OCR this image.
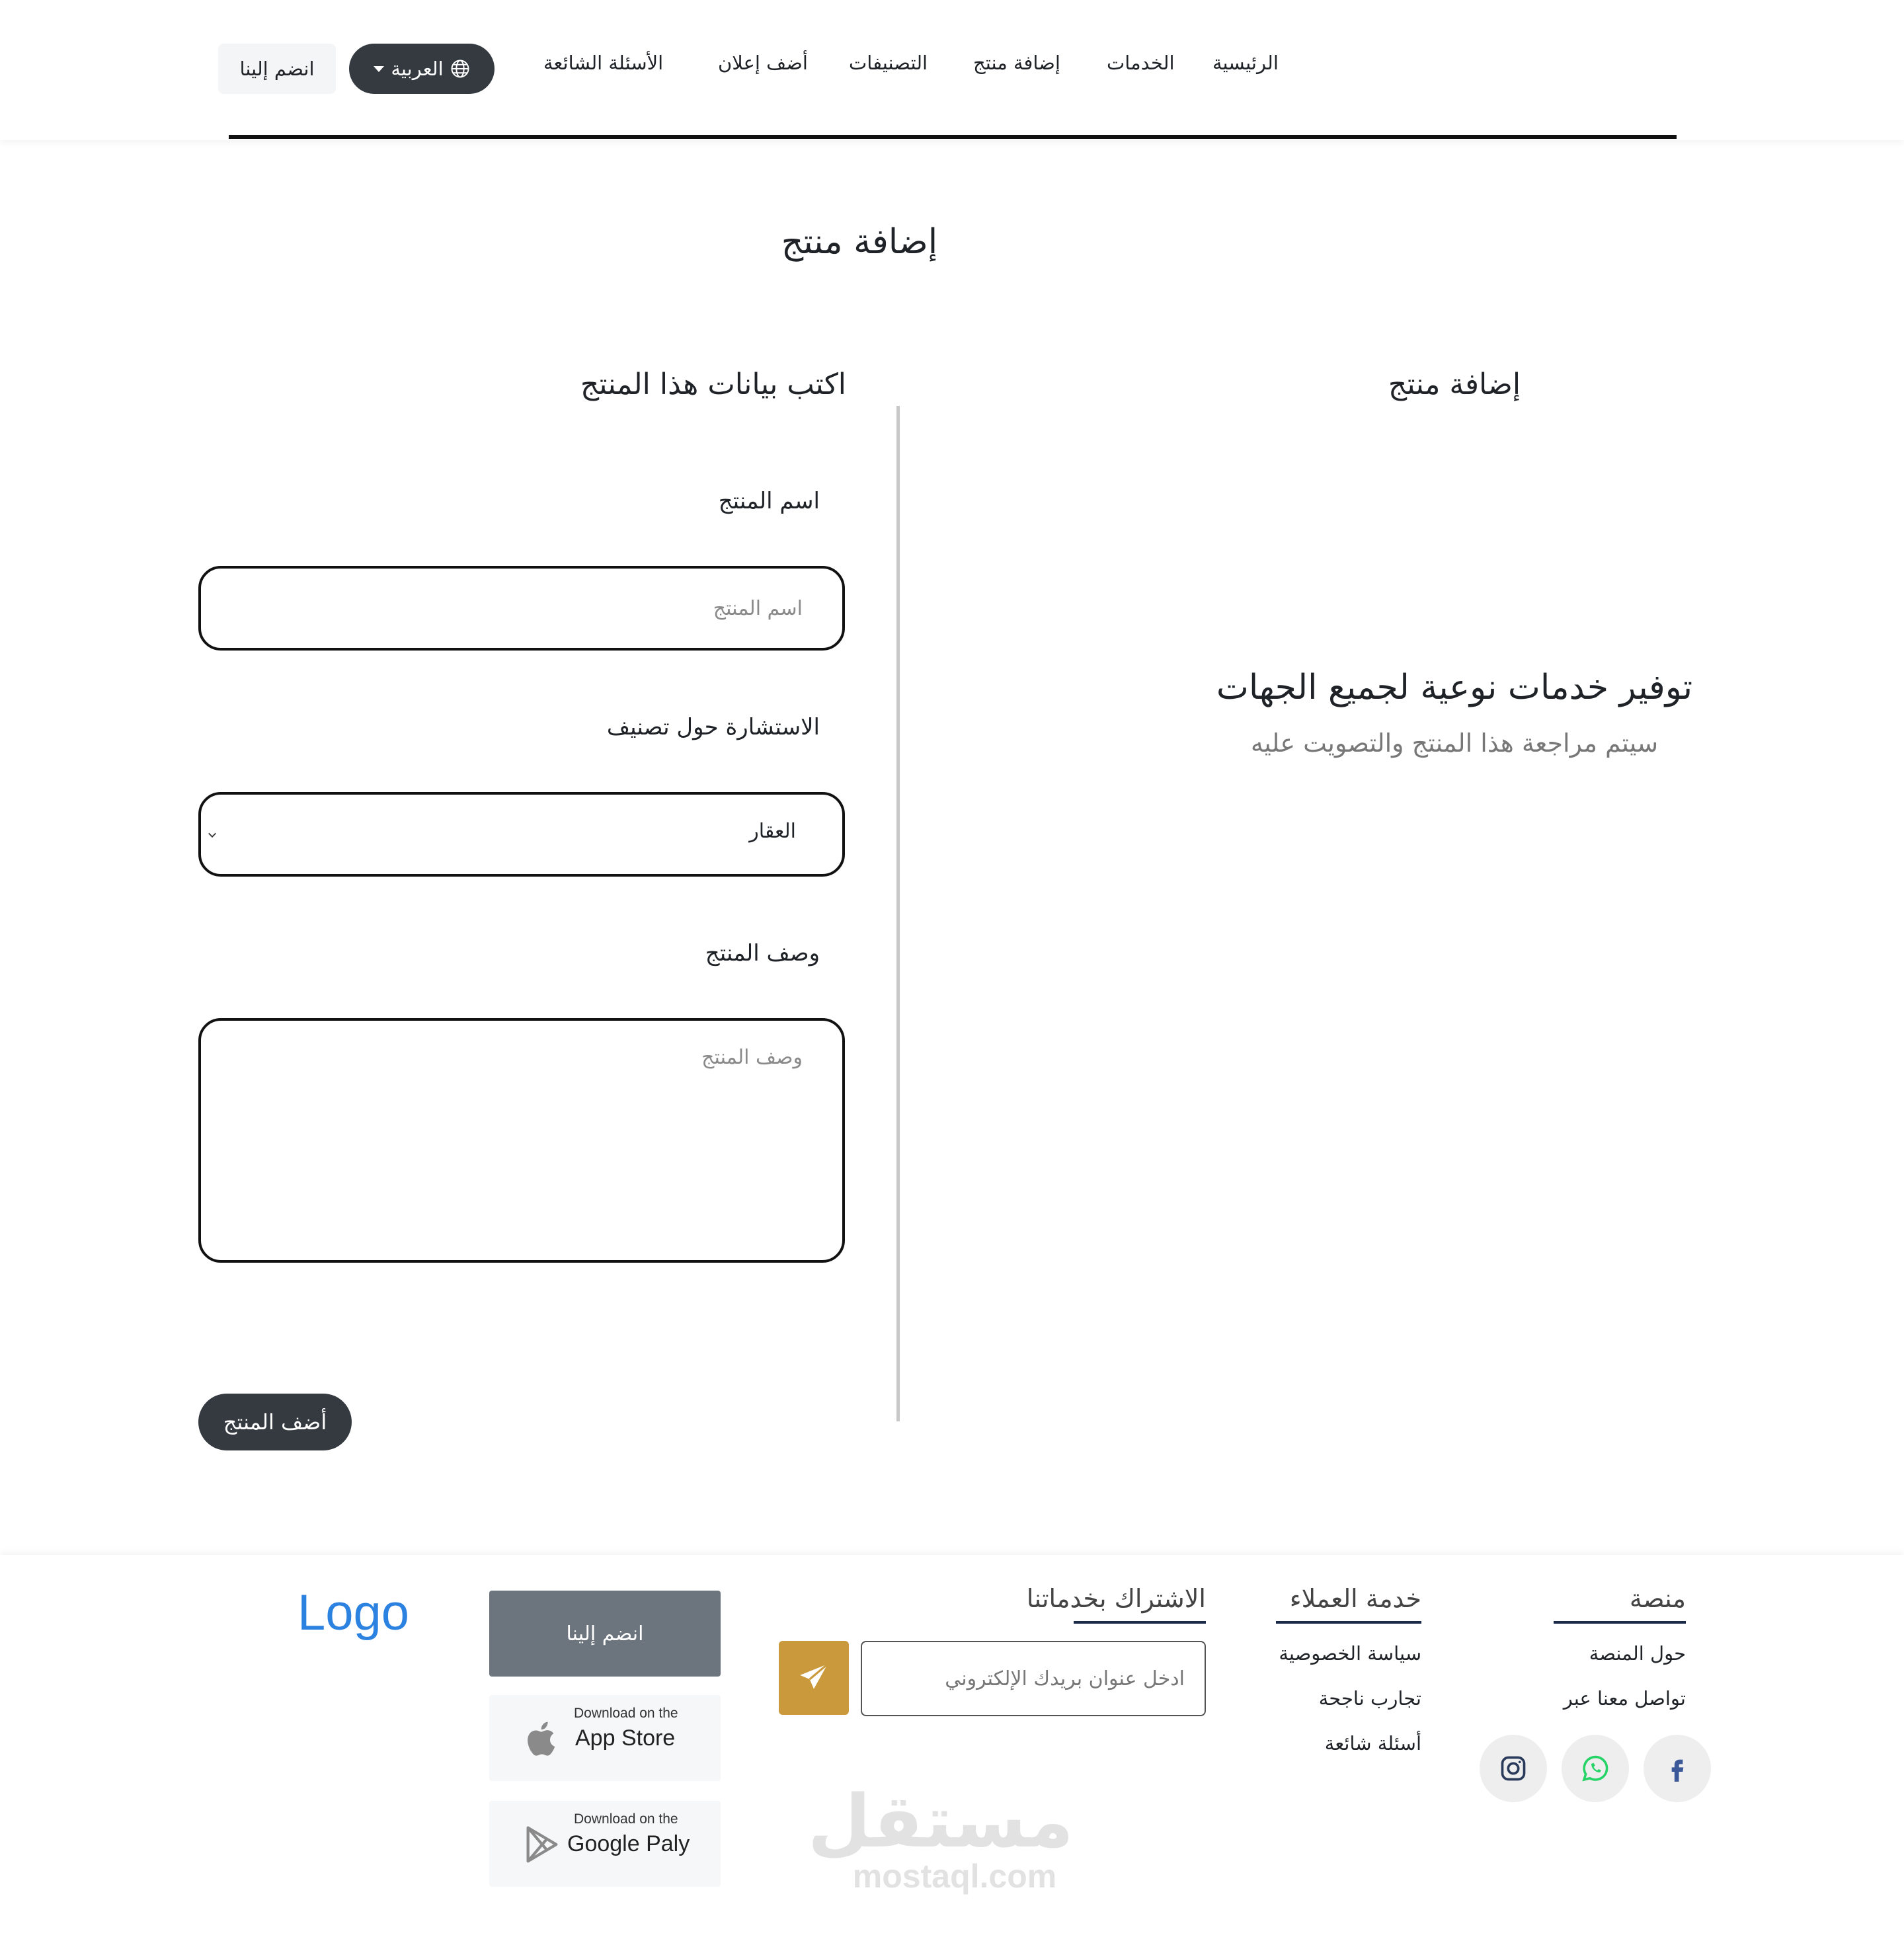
الرئيسية
الخدمات
إضافة منتج
التصنيفات
أضف إعلان
الأسئلة الشائعة
العربية
انضم إلينا
إضافة منتج
إضافة منتج
توفير خدمات نوعية لجميع الجهات
سيتم مراجعة هذا المنتج والتصويت عليه
اكتب بيانات هذا المنتج
اسم المنتج
اسم المنتج
الاستشارة حول تصنيف
العقار
وصف المنتج
وصف المنتج
أضف المنتج
منصة
حول المنصة
تواصل معنا عبر
خدمة العملاء
سياسة الخصوصية
تجارب ناجحة
أسئلة شائعة
الاشتراك بخدماتنا
ادخل عنوان بريدك الإلكتروني
انضم إلينا
Download on the
App Store
Download on the
Google Paly
Logo
مستقل
mostaql.com
